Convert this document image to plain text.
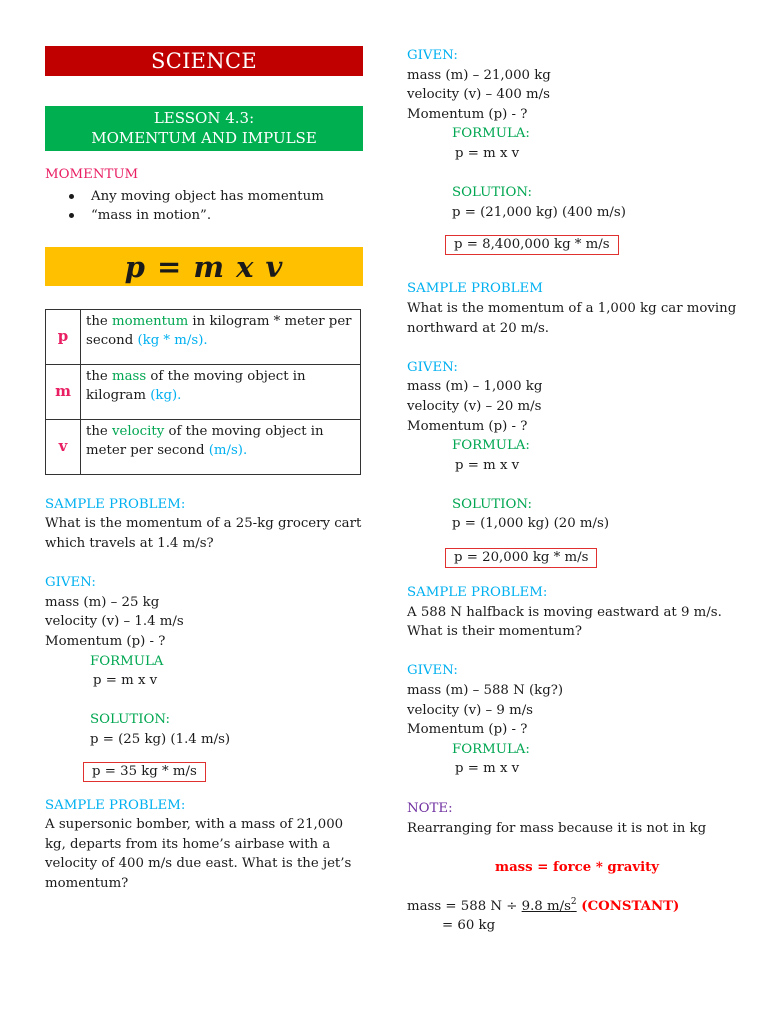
SCIENCE
LESSON 4.3:
MOMENTUM AND IMPULSE
MOMENTUM
Any moving object has momentum
“mass in motion”.
p = m x v
p	the momentum in kilogram * meter per second (kg * m/s).
m	the mass of the moving object in kilogram (kg).
v	the velocity of the moving object in meter per second (m/s).
SAMPLE PROBLEM:
What is the momentum of a 25-kg grocery cart which travels at 1.4 m/s?
GIVEN:
mass (m) – 25 kg
velocity (v) – 1.4 m/s
Momentum (p) - ?
FORMULA
p = m x v
SOLUTION:
p = (25 kg) (1.4 m/s)
p = 35 kg * m/s
SAMPLE PROBLEM:
A supersonic bomber, with a mass of 21,000 kg, departs from its home’s airbase with a velocity of 400 m/s due east. What is the jet’s momentum?
GIVEN:
mass (m) – 21,000 kg
velocity (v) – 400 m/s
Momentum (p) - ?
FORMULA:
p = m x v
SOLUTION:
p = (21,000 kg) (400 m/s)
p = 8,400,000 kg * m/s
SAMPLE PROBLEM
What is the momentum of a 1,000 kg car moving northward at 20 m/s.
GIVEN:
mass (m) – 1,000 kg
velocity (v) – 20 m/s
Momentum (p) - ?
FORMULA:
p = m x v
SOLUTION:
p = (1,000 kg) (20 m/s)
p = 20,000 kg * m/s
SAMPLE PROBLEM:
A 588 N halfback is moving eastward at 9 m/s. What is their momentum?
GIVEN:
mass (m) – 588 N (kg?)
velocity (v) – 9 m/s
Momentum (p) - ?
FORMULA:
p = m x v
NOTE:
Rearranging for mass because it is not in kg
mass = force * gravity
mass = 588 N ÷ 9.8 $m/s^2$ (CONSTANT)
= 60 kg
